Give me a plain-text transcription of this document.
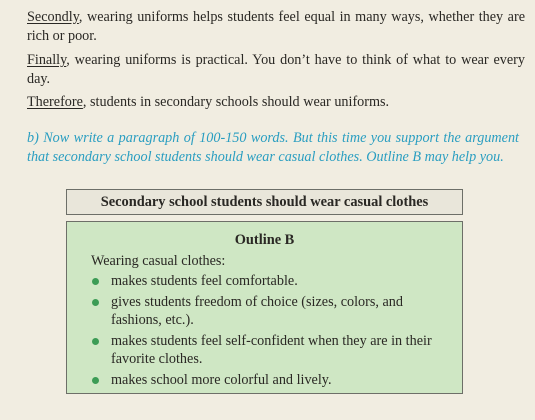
Secondly, wearing uniforms helps students feel equal in many ways, whether they are rich or poor.

Finally, wearing uniforms is practical. You don’t have to think of what to wear every day.

Therefore, students in secondary schools should wear uniforms.

b) Now write a paragraph of 100-150 words. But this time you support the argument that secondary school students should wear casual clothes. Outline B may help you.

Secondary school students should wear casual clothes
Outline B
Wearing casual clothes:
makes students feel comfortable.
gives students freedom of choice (sizes, colors, and fashions, etc.).
makes students feel self-confident when they are in their favorite clothes.
makes school more colorful and lively.
